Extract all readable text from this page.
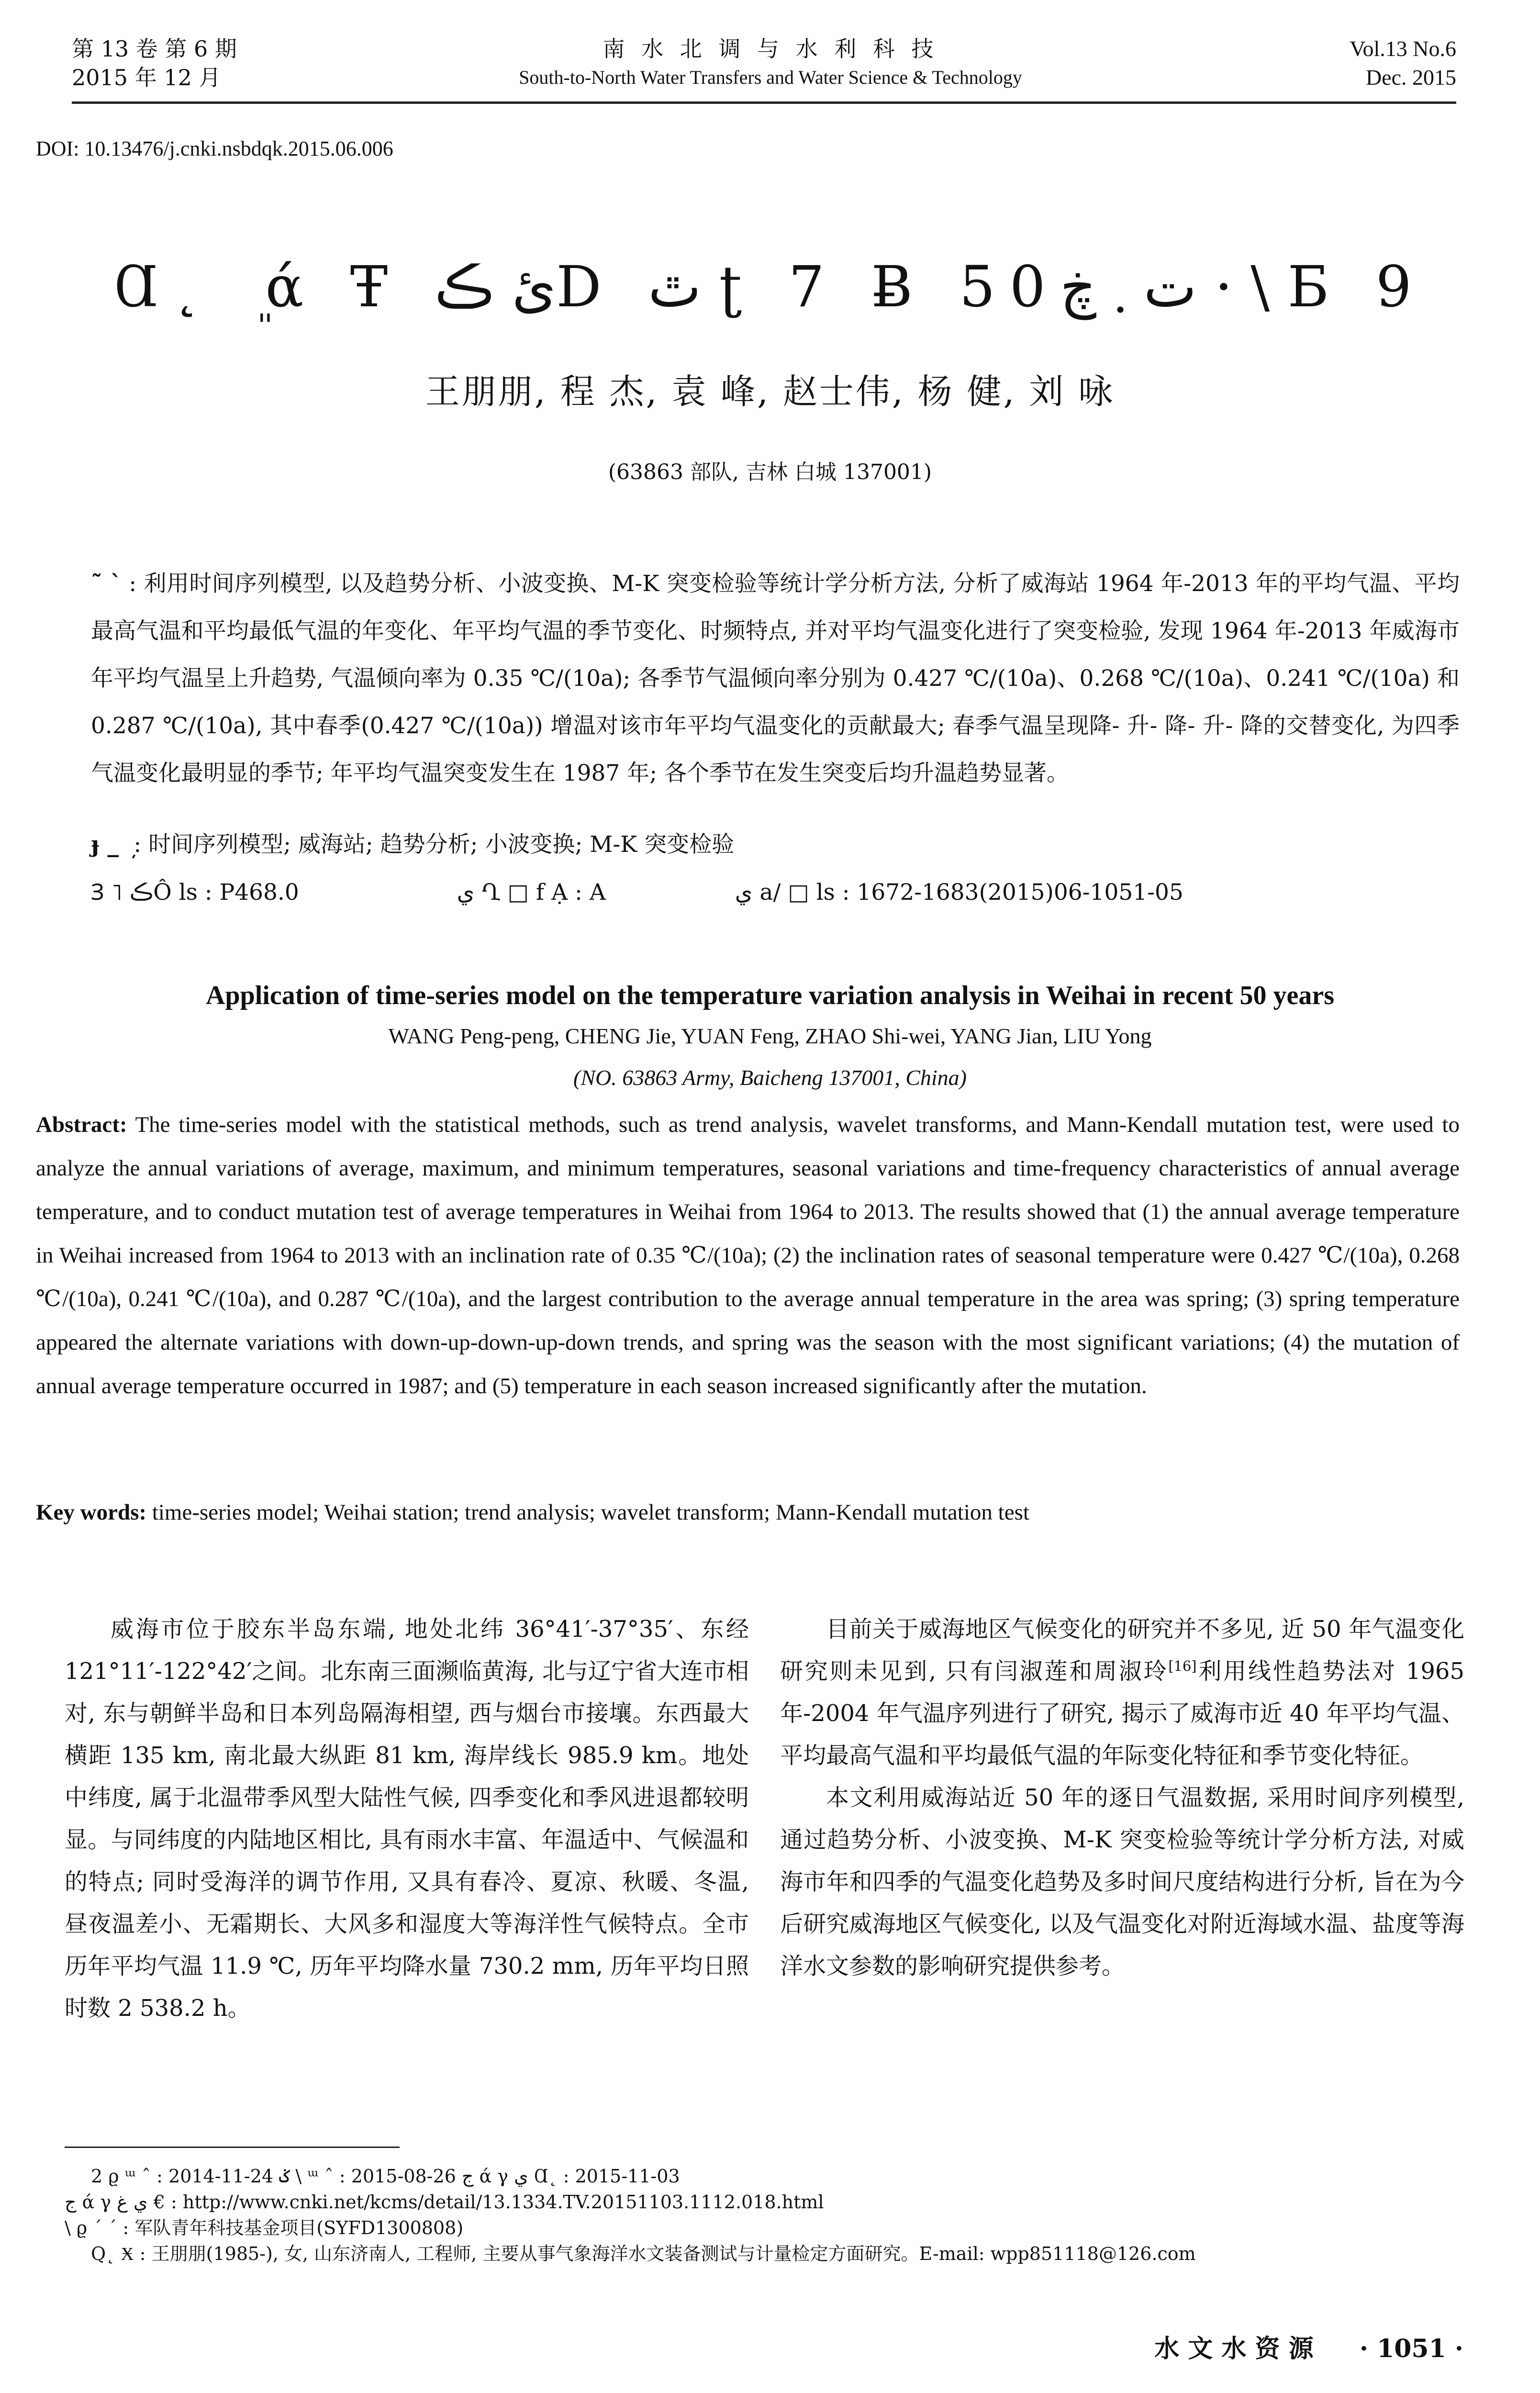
第 13 卷 第 6 期
2015 年 12 月
南 水 北 调 与 水 利 科 技
South-to-North Water Transfers and Water Science & Technology
Vol.13 No.6
Dec. 2015
DOI: 10.13476/j.cnki.nsbdqk.2015.06.006
Ɑ˛ ܸ ά Ŧ ئ ڪD ٿ ʈ 7 Ƀ 50ت ܂ ڿ · \ Ƃ 9
王朋朋, 程 杰, 袁 峰, 赵士伟, 杨 健, 刘 咏
(63863 部队, 吉林 白城 137001)
˜ ˋ : 利用时间序列模型, 以及趋势分析、小波变换、M-K 突变检验等统计学分析方法, 分析了威海站 1964 年-2013 年的平均气温、平均最高气温和平均最低气温的年变化、年平均气温的季节变化、时频特点, 并对平均气温变化进行了突变检验, 发现 1964 年-2013 年威海市年平均气温呈上升趋势, 气温倾向率为 0.35 ℃/(10a); 各季节气温倾向率分别为 0.427 ℃/(10a)、0.268 ℃/(10a)、0.241 ℃/(10a) 和 0.287 ℃/(10a), 其中春季(0.427 ℃/(10a)) 增温对该市年平均气温变化的贡献最大; 春季气温呈现降- 升- 降- 升- 降的交替变化, 为四季气温变化最明显的季节; 年平均气温突变发生在 1987 年; 各个季节在发生突变后均升温趋势显著。
ɟ _ ܼ : 时间序列模型; 威海站; 趋势分析; 小波变换; M-K 突变检验
Ɜ ˥ ڪÔ ls : P468.0	ي Ղ □ f Ạ : A	ي a/ □ ls : 1672-1683(2015)06-1051-05
Application of time-series model on the temperature variation analysis in Weihai in recent 50 years
WANG Peng-peng, CHENG Jie, YUAN Feng, ZHAO Shi-wei, YANG Jian, LIU Yong
(NO. 63863 Army, Baicheng 137001, China)
Abstract: The time-series model with the statistical methods, such as trend analysis, wavelet transforms, and Mann-Kendall mutation test, were used to analyze the annual variations of average, maximum, and minimum temperatures, seasonal variations and time-frequency characteristics of annual average temperature, and to conduct mutation test of average temperatures in Weihai from 1964 to 2013. The results showed that (1) the annual average temperature in Weihai increased from 1964 to 2013 with an inclination rate of 0.35 ℃/(10a); (2) the inclination rates of seasonal temperature were 0.427 ℃/(10a), 0.268 ℃/(10a), 0.241 ℃/(10a), and 0.287 ℃/(10a), and the largest contribution to the average annual temperature in the area was spring; (3) spring temperature appeared the alternate variations with down-up-down-up-down trends, and spring was the season with the most significant variations; (4) the mutation of annual average temperature occurred in 1987; and (5) temperature in each season increased significantly after the mutation.
Key words: time-series model; Weihai station; trend analysis; wavelet transform; Mann-Kendall mutation test

威海市位于胶东半岛东端, 地处北纬 36°41′-37°35′、东经 121°11′-122°42′之间。北东南三面濒临黄海, 北与辽宁省大连市相对, 东与朝鲜半岛和日本列岛隔海相望, 西与烟台市接壤。东西最大横距 135 km, 南北最大纵距 81 km, 海岸线长 985.9 km。地处中纬度, 属于北温带季风型大陆性气候, 四季变化和季风进退都较明显。与同纬度的内陆地区相比, 具有雨水丰富、年温适中、气候温和的特点; 同时受海洋的调节作用, 又具有春冷、夏凉、秋暖、冬温, 昼夜温差小、无霜期长、大风多和湿度大等海洋性气候特点。全市历年平均气温 11.9 ℃, 历年平均降水量 730.2 mm, 历年平均日照时数 2 538.2 h。

目前关于威海地区气候变化的研究并不多见, 近 50 年气温变化研究则未见到, 只有闫淑莲和周淑玲[16]利用线性趋势法对 1965 年-2004 年气温序列进行了研究, 揭示了威海市近 40 年平均气温、平均最高气温和平均最低气温的年际变化特征和季节变化特征。

本文利用威海站近 50 年的逐日气温数据, 采用时间序列模型, 通过趋势分析、小波变换、M-K 突变检验等统计学分析方法, 对威海市年和四季的气温变化趋势及多时间尺度结构进行分析, 旨在为今后研究威海地区气候变化, 以及气温变化对附近海域水温、盐度等海洋水文参数的影响研究提供参考。

2 ϱ ᵚ ˆ : 2014-11-24 ݢ \ ᵚ ˆ : 2015-08-26 ج ά γ ي Ɑ˛ : 2015-11-03
ج ά γ ي غ € : http://www.cnki.net/kcms/detail/13.1334.TV.20151103.1112.018.html
\ ϱ ˊ ˊ : 军队青年科技基金项目(SYFD1300808)
Q˛ Ӿ : 王朋朋(1985-), 女, 山东济南人, 工程师, 主要从事气象海洋水文装备测试与计量检定方面研究。E-mail: wpp851118@126.com
水 文 水 资 源 · 1051 ·
